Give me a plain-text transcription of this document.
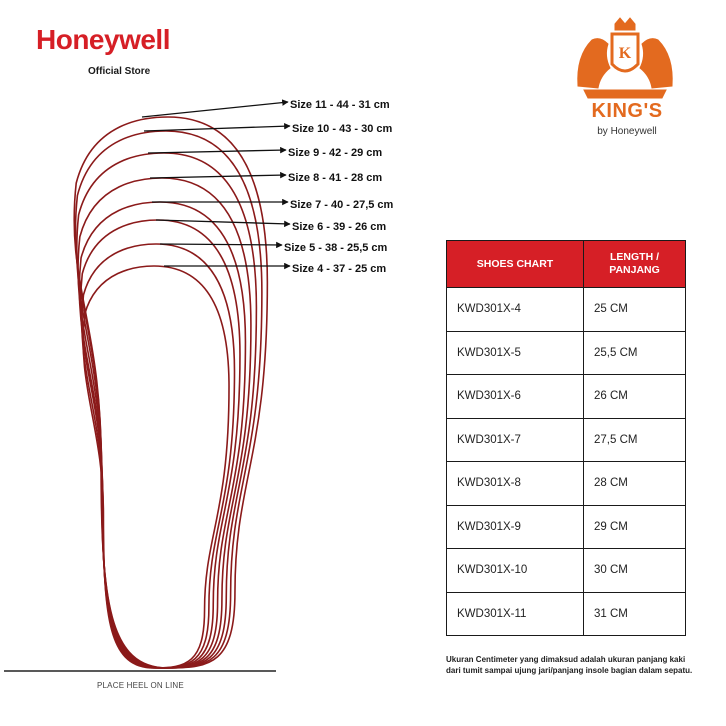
Honeywell
Official Store
K
KING'S
by Honeywell
Size 11 - 44 - 31 cm
Size 10 - 43 - 30 cm
Size 9 - 42 - 29 cm
Size 8 - 41 - 28 cm
Size 7 - 40 - 27,5 cm
Size 6 - 39 - 26 cm
Size 5 - 38 - 25,5 cm
Size 4 - 37 - 25 cm
PLACE HEEL ON LINE
SHOES CHART	LENGTH /
PANJANG
KWD301X-4	25 CM
KWD301X-5	25,5 CM
KWD301X-6	26 CM
KWD301X-7	27,5 CM
KWD301X-8	28 CM
KWD301X-9	29 CM
KWD301X-10	30 CM
KWD301X-11	31 CM
Ukuran Centimeter yang dimaksud adalah ukuran panjang kaki dari tumit sampai ujung jari/panjang insole bagian dalam sepatu.
